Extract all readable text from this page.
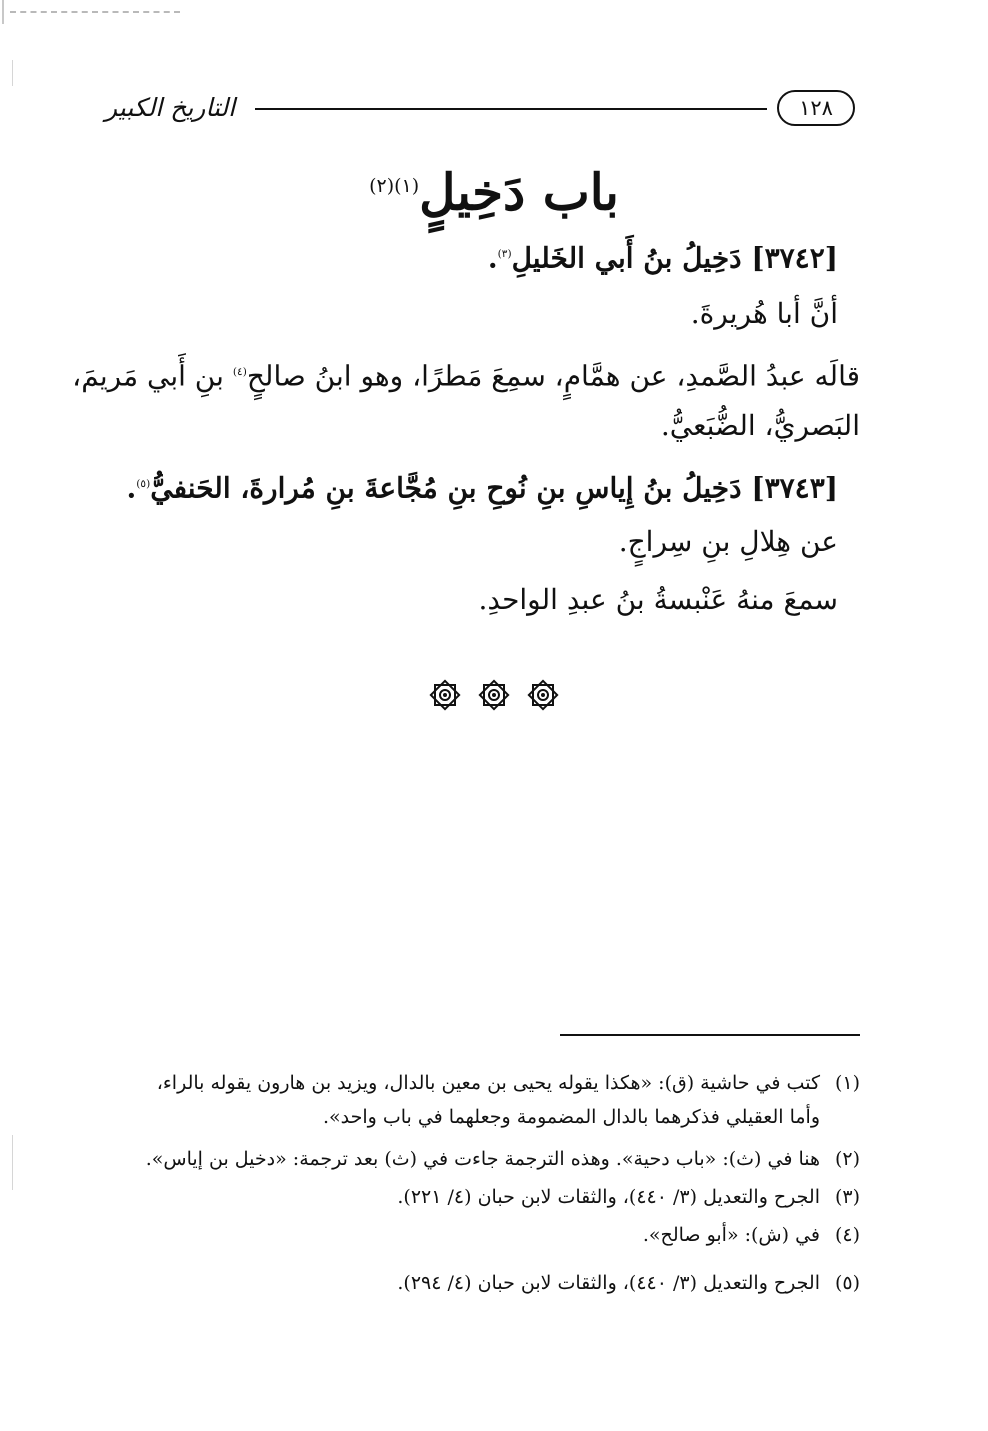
١٢٨
التاريخ الكبير
باب دَخِيلٍ$^{(١)(٢)}$
[٣٧٤٢] دَخِيلُ بنُ أَبي الخَليلِ$^{(٣)}$.
أنَّ أبا هُريرةَ.
قالَه عبدُ الصَّمدِ، عن همَّامٍ، سمِعَ مَطرًا، وهو ابنُ صالحٍ$^{(٤)}$ بنِ أَبي مَريمَ،
البَصريُّ، الضُّبَعيُّ.
[٣٧٤٣] دَخِيلُ بنُ إِياسِ بنِ نُوحِ بنِ مُجَّاعةَ بنِ مُرارةَ، الحَنفيُّ$^{(٥)}$.
عن هِلالِ بنِ سِراجٍ.
سمعَ منهُ عَنْبسةُ بنُ عبدِ الواحدِ.

(١)كتب في حاشية (ق): «هكذا يقوله يحيى بن معين بالدال، ويزيد بن هارون يقوله بالراء،
وأما العقيلي فذكرهما بالدال المضمومة وجعلهما في باب واحد».
(٢)هنا في (ث): «باب دحية». وهذه الترجمة جاءت في (ث) بعد ترجمة: «دخيل بن إياس».
(٣)الجرح والتعديل (٣/ ٤٤٠)، والثقات لابن حبان (٤/ ٢٢١).
(٤)في (ش): «أبو صالح».
(٥)الجرح والتعديل (٣/ ٤٤٠)، والثقات لابن حبان (٤/ ٢٩٤).
